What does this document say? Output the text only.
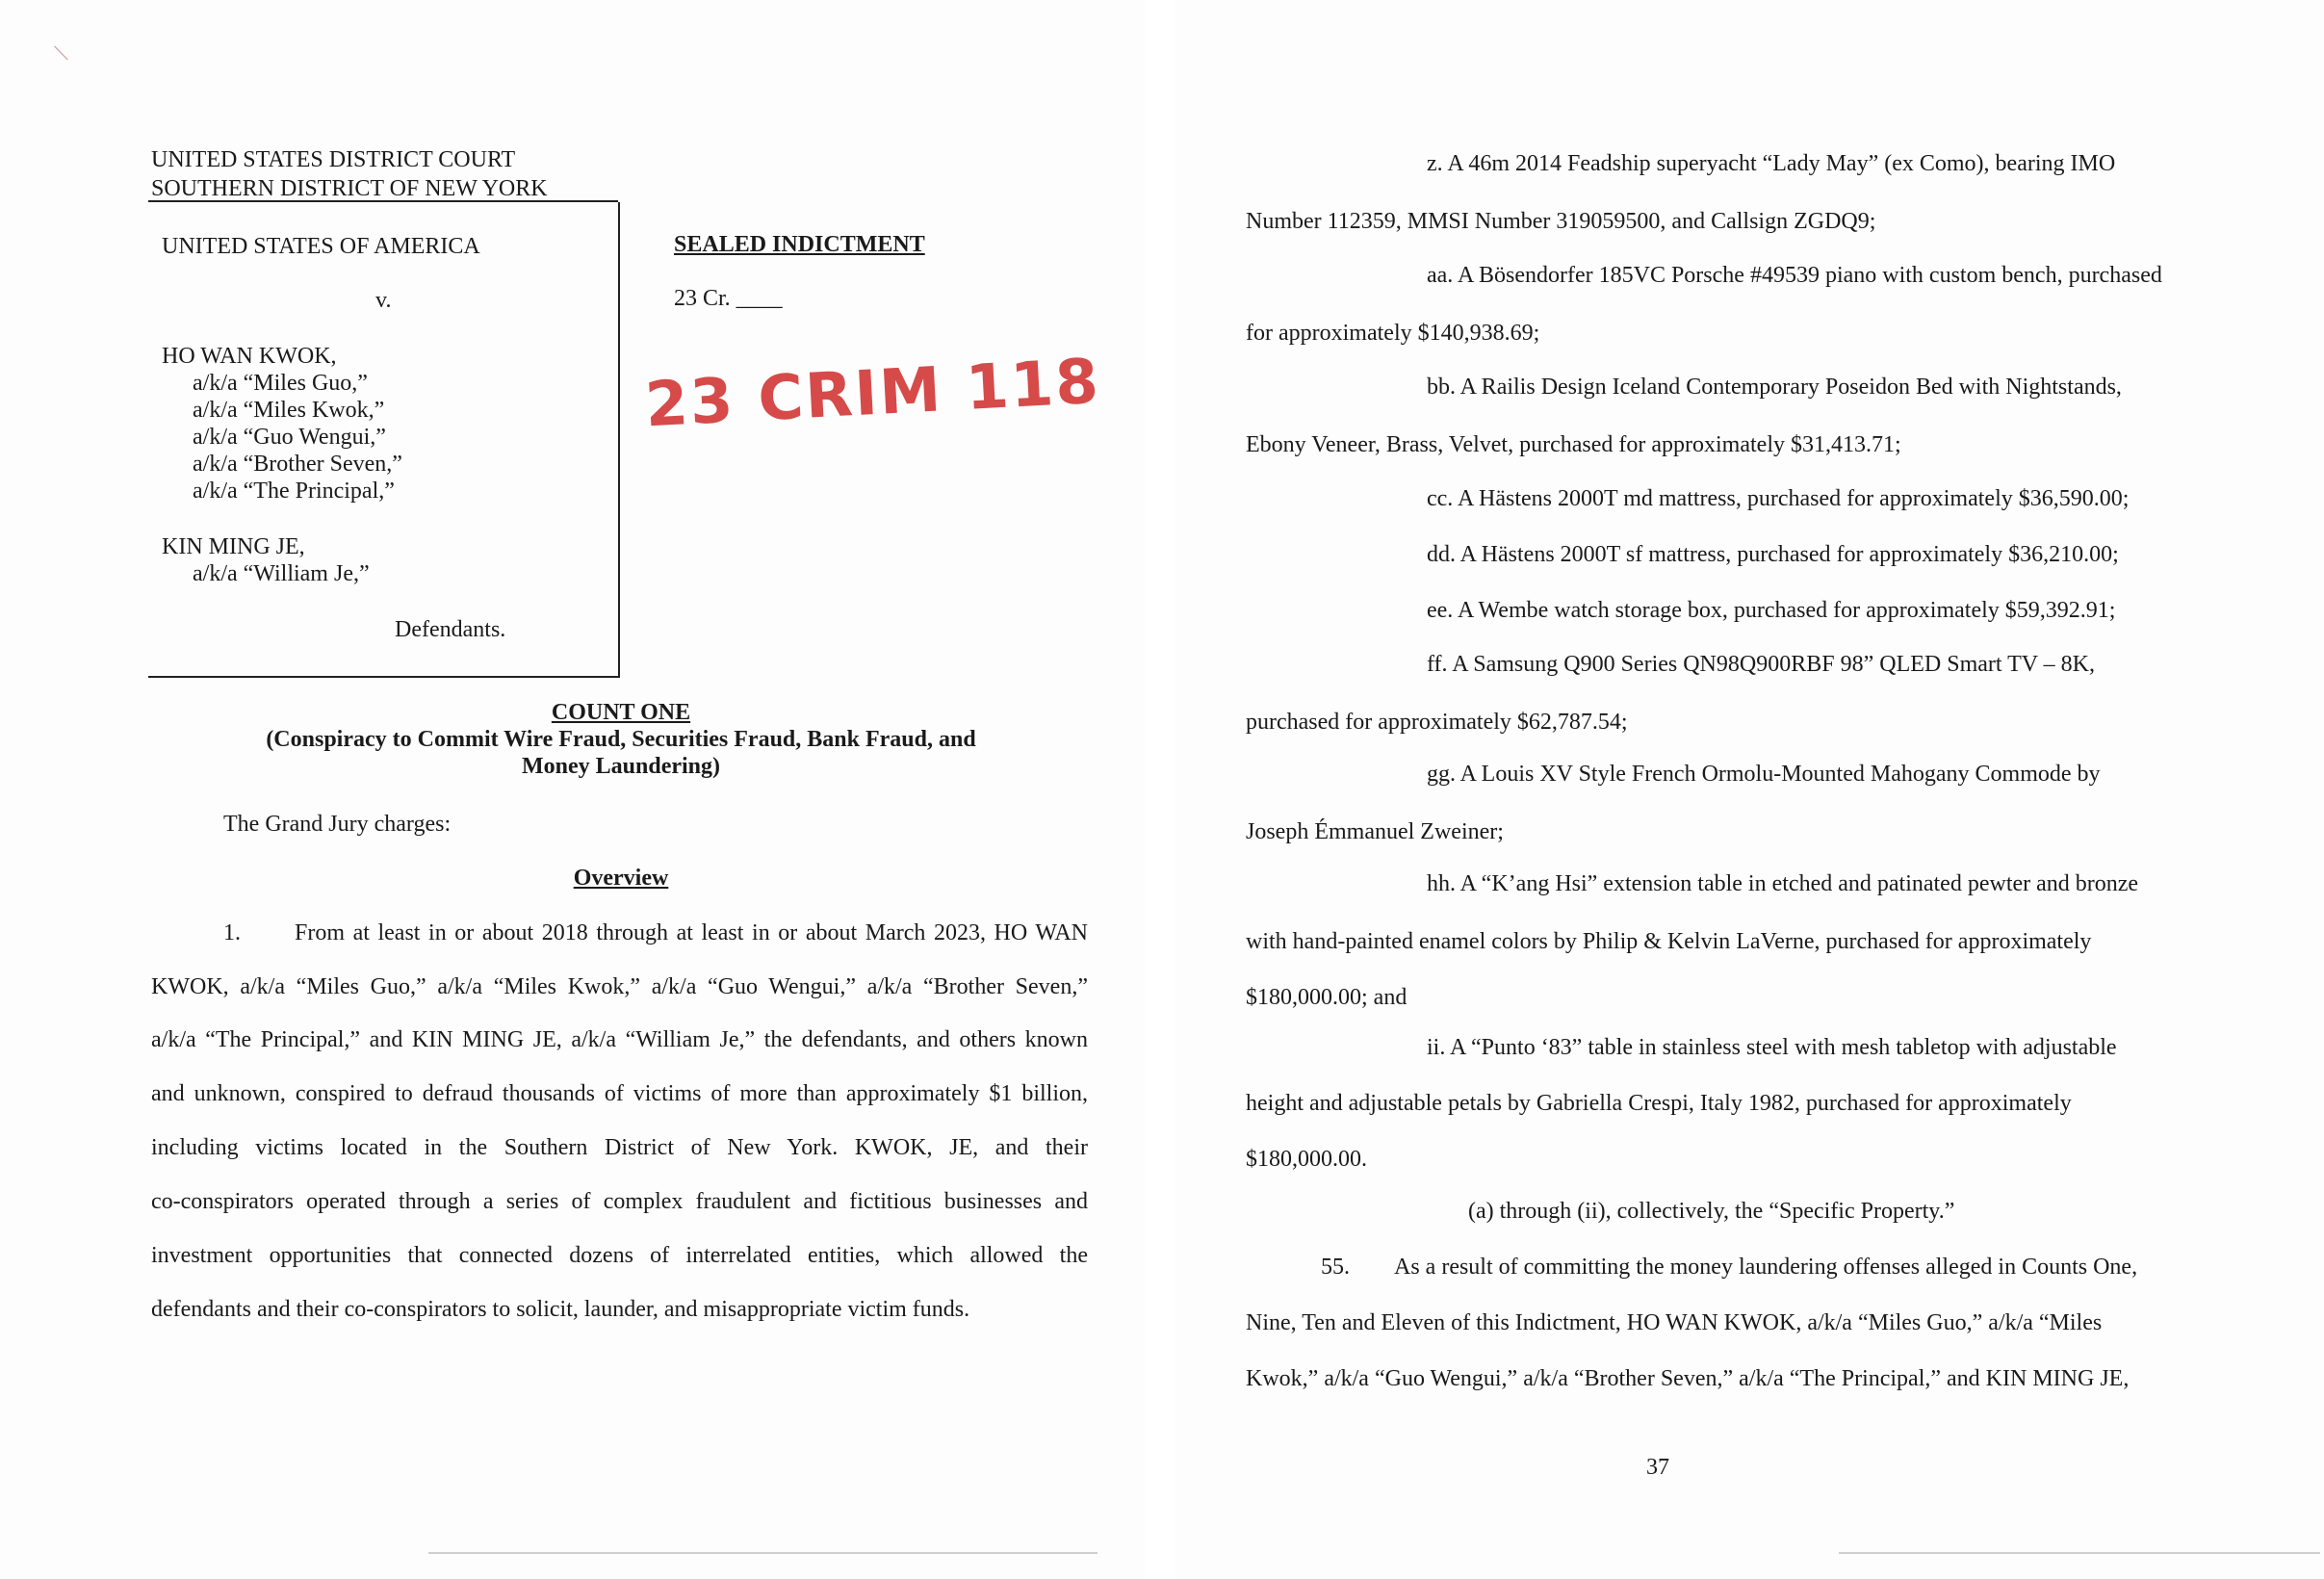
\
UNITED STATES DISTRICT COURT
SOUTHERN DISTRICT OF NEW YORK
UNITED STATES OF AMERICA
v.
HO WAN KWOK,
a/k/a “Miles Guo,”
a/k/a “Miles Kwok,”
a/k/a “Guo Wengui,”
a/k/a “Brother Seven,”
a/k/a “The Principal,”
KIN MING JE,
a/k/a “William Je,”
Defendants.
SEALED INDICTMENT
23 Cr. ____
23 CRIM 118
COUNT ONE
(Conspiracy to Commit Wire Fraud, Securities Fraud, Bank Fraud, and
Money Laundering)
The Grand Jury charges:
Overview
1. From at least in or about 2018 through at least in or about March 2023, HO WAN
KWOK, a/k/a “Miles Guo,” a/k/a “Miles Kwok,” a/k/a “Guo Wengui,” a/k/a “Brother Seven,”
a/k/a “The Principal,” and KIN MING JE, a/k/a “William Je,” the defendants, and others known
and unknown, conspired to defraud thousands of victims of more than approximately $1 billion,
including victims located in the Southern District of New York. KWOK, JE, and their
co-conspirators operated through a series of complex fraudulent and fictitious businesses and
investment opportunities that connected dozens of interrelated entities, which allowed the
defendants and their co-conspirators to solicit, launder, and misappropriate victim funds.
z. A 46m 2014 Feadship superyacht “Lady May” (ex Como), bearing IMO
Number 112359, MMSI Number 319059500, and Callsign ZGDQ9;
aa. A Bösendorfer 185VC Porsche #49539 piano with custom bench, purchased
for approximately $140,938.69;
bb. A Railis Design Iceland Contemporary Poseidon Bed with Nightstands,
Ebony Veneer, Brass, Velvet, purchased for approximately $31,413.71;
cc. A Hästens 2000T md mattress, purchased for approximately $36,590.00;
dd. A Hästens 2000T sf mattress, purchased for approximately $36,210.00;
ee. A Wembe watch storage box, purchased for approximately $59,392.91;
ff. A Samsung Q900 Series QN98Q900RBF 98” QLED Smart TV – 8K,
purchased for approximately $62,787.54;
gg. A Louis XV Style French Ormolu-Mounted Mahogany Commode by
Joseph Émmanuel Zweiner;
hh. A “K’ang Hsi” extension table in etched and patinated pewter and bronze
with hand-painted enamel colors by Philip & Kelvin LaVerne, purchased for approximately
$180,000.00; and
ii. A “Punto ‘83” table in stainless steel with mesh tabletop with adjustable
height and adjustable petals by Gabriella Crespi, Italy 1982, purchased for approximately
$180,000.00.
(a) through (ii), collectively, the “Specific Property.”
55. As a result of committing the money laundering offenses alleged in Counts One,
Nine, Ten and Eleven of this Indictment, HO WAN KWOK, a/k/a “Miles Guo,” a/k/a “Miles
Kwok,” a/k/a “Guo Wengui,” a/k/a “Brother Seven,” a/k/a “The Principal,” and KIN MING JE,
37
